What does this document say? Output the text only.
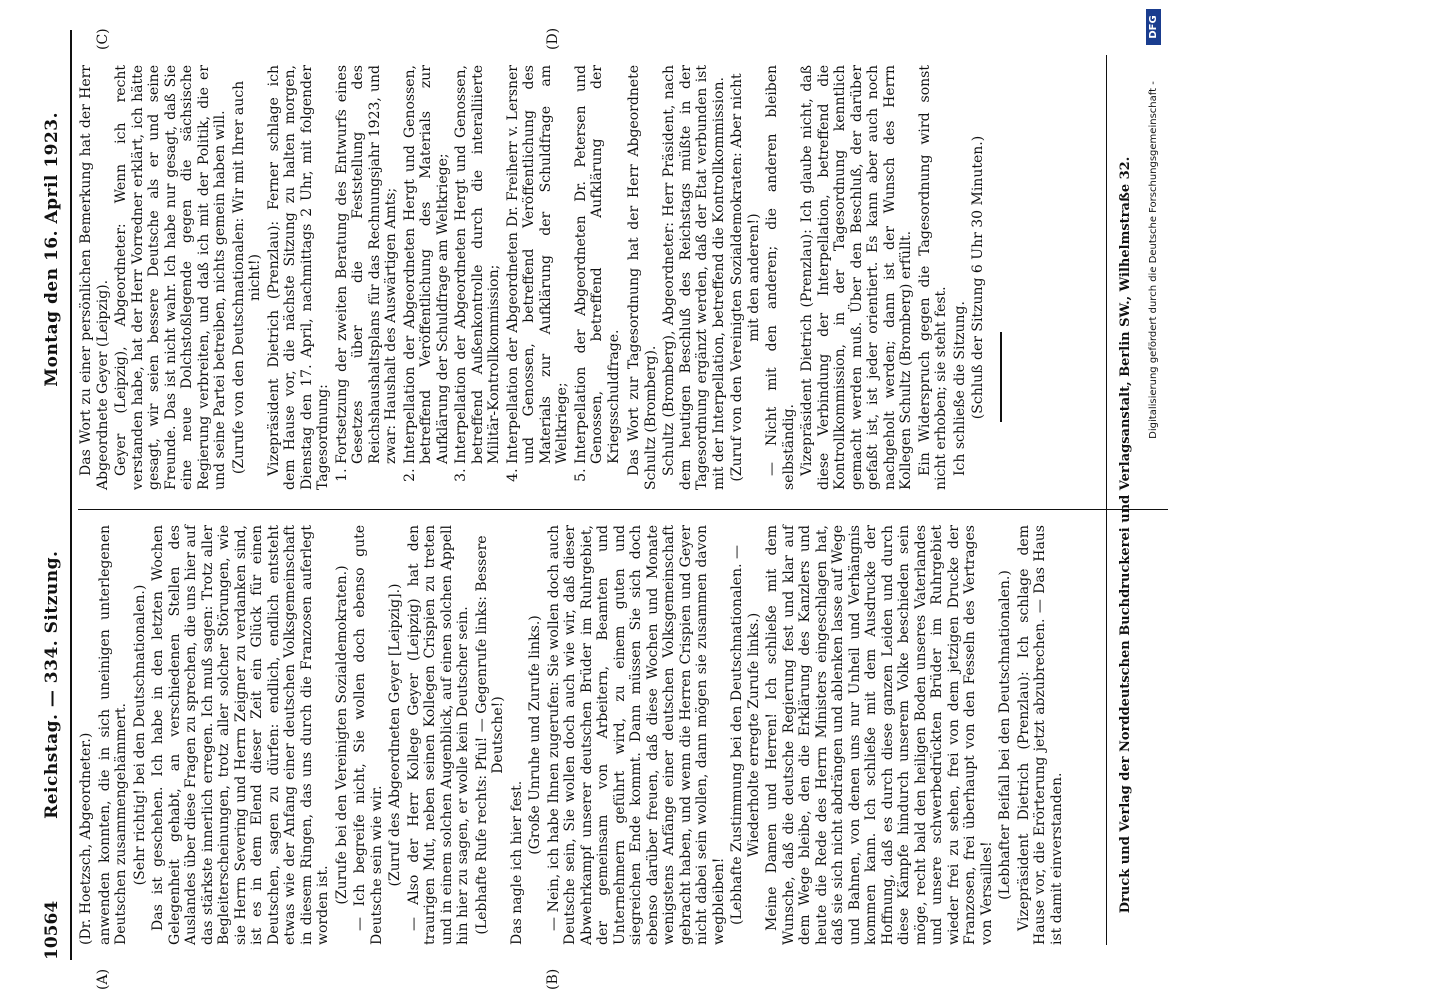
10564
Reichstag. — 334. Sitzung.
Montag den 16. April 1923.
(A)	(B)
(C)	(D)

(Dr. Hoetzsch, Abgeordneter.) anwenden konnten, die in sich uneinigen unterlegenen Deutschen zusammengehämmert. (Sehr richtig! bei den Deutschnationalen.) Das ist geschehen. Ich habe in den letzten Wochen Gelegenheit gehabt, an verschiedenen Stellen des Auslandes über diese Fragen zu sprechen, die uns hier auf das stärkste innerlich erregen. Ich muß sagen: Trotz aller Begleiterscheinungen, trotz aller solcher Störungen, wie sie Herrn Severing und Herrn Zeigner zu verdanken sind, ist es in dem Elend dieser Zeit ein Glück für einen Deutschen, sagen zu dürfen: endlich, endlich entsteht etwas wie der Anfang einer deutschen Volksgemeinschaft in diesem Ringen, das uns durch die Franzosen auferlegt worden ist.

(Zurufe bei den Vereinigten Sozialdemokraten.) — Ich begreife nicht, Sie wollen doch ebenso gute Deutsche sein wie wir. (Zuruf des Abgeordneten Geyer [Leipzig].) — Also der Herr Kollege Geyer (Leipzig) hat den traurigen Mut, neben seinen Kollegen Crispien zu treten und in einem solchen Augenblick, auf einen solchen Appell hin hier zu sagen, er wolle kein Deutscher sein. (Lebhafte Rufe rechts: Pfui! — Gegenrufe links: Bessere Deutsche!)

Das nagle ich hier fest.

(Große Unruhe und Zurufe links.) — Nein, ich habe Ihnen zugerufen: Sie wollen doch auch Deutsche sein, Sie wollen doch auch wie wir, daß dieser Abwehrkampf unserer deutschen Brüder im Ruhrgebiet, der gemeinsam von Arbeitern, Beamten und Unternehmern geführt wird, zu einem guten und siegreichen Ende kommt. Dann müssen Sie sich doch ebenso darüber freuen, daß diese Wochen und Monate wenigstens Anfänge einer deutschen Volksgemeinschaft gebracht haben, und wenn die Herren Crispien und Geyer nicht dabei sein wollen, dann mögen sie zusammen davon wegbleiben! (Lebhafte Zustimmung bei den Deutschnationalen. — Wiederholte erregte Zurufe links.) Meine Damen und Herren! Ich schließe mit dem Wunsche, daß die deutsche Regierung fest und klar auf dem Wege bleibe, den die Erklärung des Kanzlers und heute die Rede des Herrn Ministers eingeschlagen hat, daß sie sich nicht abdrängen und ablenken lasse auf Wege und Bahnen, von denen uns nur Unheil und Verhängnis kommen kann. Ich schließe mit dem Ausdrucke der Hoffnung, daß es durch diese ganzen Leiden und durch diese Kämpfe hindurch unserem Volke beschieden sein möge, recht bald den heiligen Boden unseres Vaterlandes und unsere schwerbedrückten Brüder im Ruhrgebiet wieder frei zu sehen, frei von dem jetzigen Drucke der Franzosen, frei überhaupt von den Fesseln des Vertrages von Versailles! (Lebhafter Beifall bei den Deutschnationalen.) Vizepräsident Dietrich (Prenzlau): Ich schlage dem Hause vor, die Erörterung jetzt abzubrechen. — Das Haus ist damit einverstanden.

Das Wort zu einer persönlichen Bemerkung hat der Herr Abgeordnete Geyer (Leipzig). Geyer (Leipzig), Abgeordneter: Wenn ich recht verstanden habe, hat der Herr Vorredner erklärt, ich hätte gesagt, wir seien bessere Deutsche als er und seine Freunde. Das ist nicht wahr. Ich habe nur gesagt, daß Sie eine neue Dolchstoßlegende gegen die sächsische Regierung verbreiten, und daß ich mit der Politik, die er und seine Partei betreiben, nichts gemein haben will. (Zurufe von den Deutschnationalen: Wir mit Ihrer auch nicht!) Vizepräsident Dietrich (Prenzlau): Ferner schlage ich dem Hause vor, die nächste Sitzung zu halten morgen, Dienstag den 17. April, nachmittags 2 Uhr, mit folgender Tagesordnung: 1. Fortsetzung der zweiten Beratung des Entwurfs eines Gesetzes über die Feststellung des Reichshaushaltsplans für das Rechnungsjahr 1923, und zwar: Haushalt des Auswärtigen Amts; 2. Interpellation der Abgeordneten Hergt und Genossen, betreffend Veröffentlichung des Materials zur Aufklärung der Schuldfrage am Weltkriege; 3. Interpellation der Abgeordneten Hergt und Genossen, betreffend Außenkontrolle durch die interalliierte Militär-Kontrollkommission; 4. Interpellation der Abgeordneten Dr. Freiherr v. Lersner und Genossen, betreffend Veröffentlichung des Materials zur Aufklärung der Schuldfrage am Weltkriege; 5. Interpellation der Abgeordneten Dr. Petersen und Genossen, betreffend Aufklärung der Kriegsschuldfrage. Das Wort zur Tagesordnung hat der Herr Abgeordnete Schultz (Bromberg). Schultz (Bromberg), Abgeordneter: Herr Präsident, nach dem heutigen Beschluß des Reichstags müßte in der Tagesordnung ergänzt werden, daß der Etat verbunden ist mit der Interpellation, betreffend die Kontrollkommission. (Zuruf von den Vereinigten Sozialdemokraten: Aber nicht mit den anderen!) — Nicht mit den anderen; die anderen bleiben selbständig. Vizepräsident Dietrich (Prenzlau): Ich glaube nicht, daß diese Verbindung der Interpellation, betreffend die Kontrollkommission, in der Tagesordnung kenntlich gemacht werden muß. Über den Beschluß, der darüber gefaßt ist, ist jeder orientiert. Es kann aber auch noch nachgeholt werden; dann ist der Wunsch des Herrn Kollegen Schultz (Bromberg) erfüllt. Ein Widerspruch gegen die Tagesordnung wird sonst nicht erhoben; sie steht fest. Ich schließe die Sitzung. (Schluß der Sitzung 6 Uhr 30 Minuten.)	Druck und Verlag der Norddeutschen Buchdruckerei und Verlagsanstalt, Berlin SW., Wilhelmstraße 32. Digitalisierung gefördert durch die Deutsche Forschungsgemeinschaft -
DFG
